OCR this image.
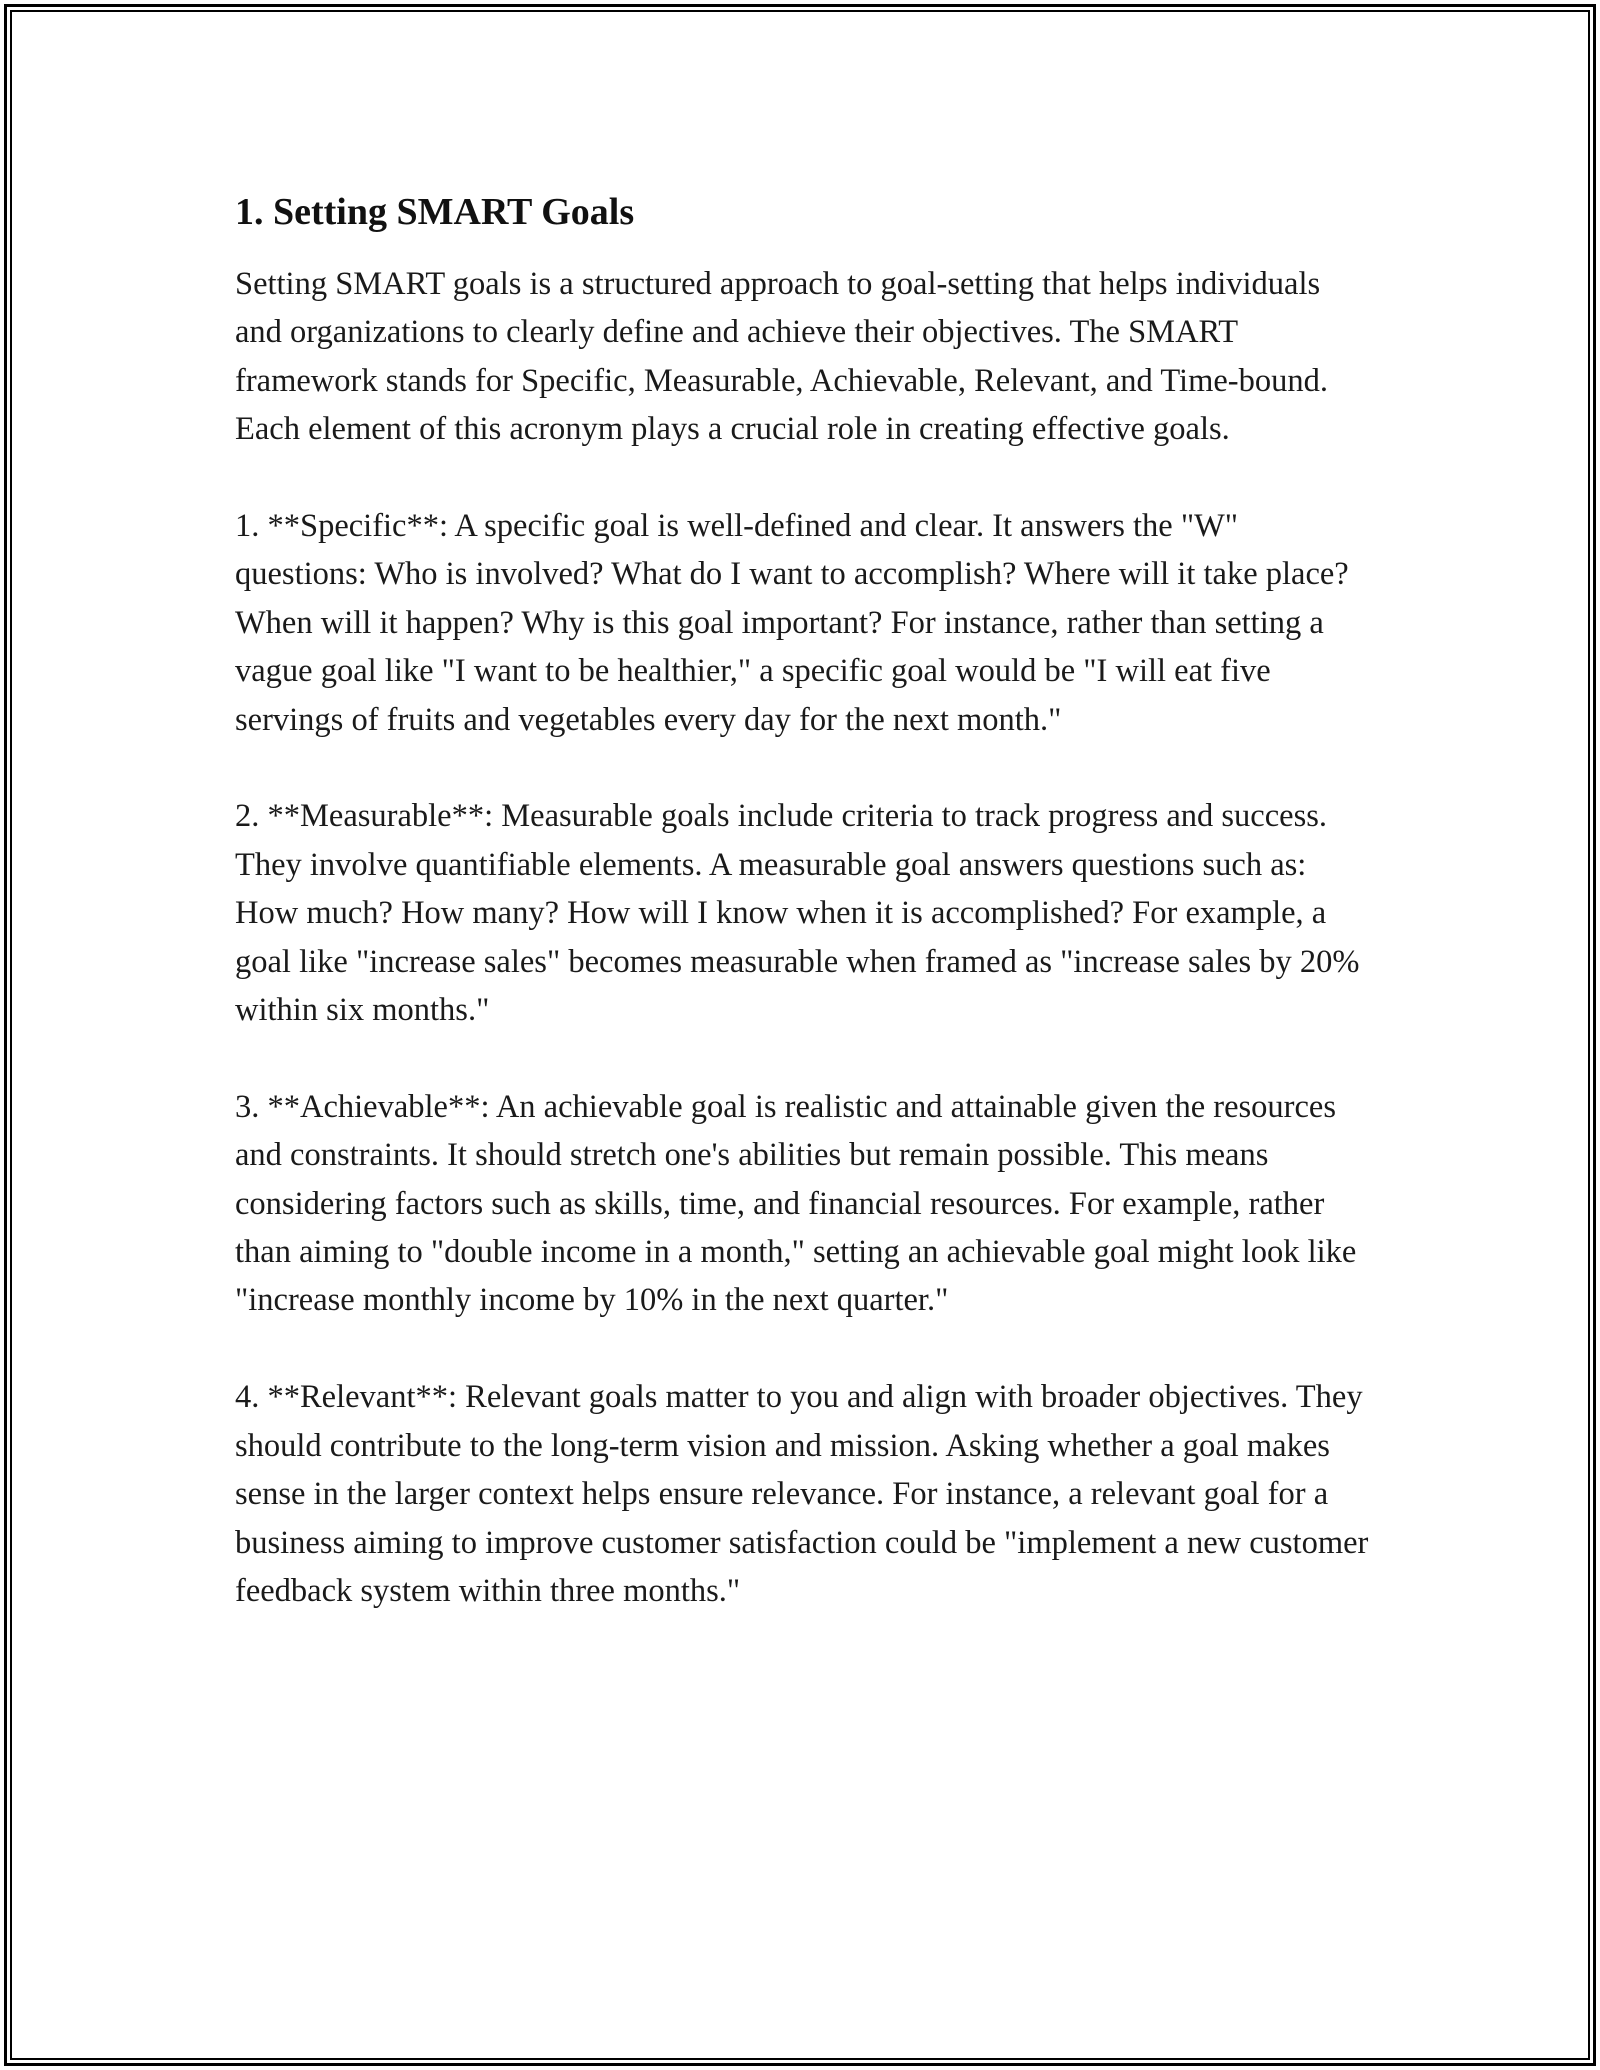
1. Setting SMART Goals

Setting SMART goals is a structured approach to goal-setting that helps individuals and organizations to clearly define and achieve their objectives. The SMART framework stands for Specific, Measurable, Achievable, Relevant, and Time-bound. Each element of this acronym plays a crucial role in creating effective goals.

1. **Specific**: A specific goal is well-defined and clear. It answers the "W" questions: Who is involved? What do I want to accomplish? Where will it take place? When will it happen? Why is this goal important? For instance, rather than setting a vague goal like "I want to be healthier," a specific goal would be "I will eat five servings of fruits and vegetables every day for the next month."

2. **Measurable**: Measurable goals include criteria to track progress and success. They involve quantifiable elements. A measurable goal answers questions such as: How much? How many? How will I know when it is accomplished? For example, a goal like "increase sales" becomes measurable when framed as "increase sales by 20% within six months."

3. **Achievable**: An achievable goal is realistic and attainable given the resources and constraints. It should stretch one's abilities but remain possible. This means considering factors such as skills, time, and financial resources. For example, rather than aiming to "double income in a month," setting an achievable goal might look like "increase monthly income by 10% in the next quarter."

4. **Relevant**: Relevant goals matter to you and align with broader objectives. They should contribute to the long-term vision and mission. Asking whether a goal makes sense in the larger context helps ensure relevance. For instance, a relevant goal for a business aiming to improve customer satisfaction could be "implement a new customer feedback system within three months."
